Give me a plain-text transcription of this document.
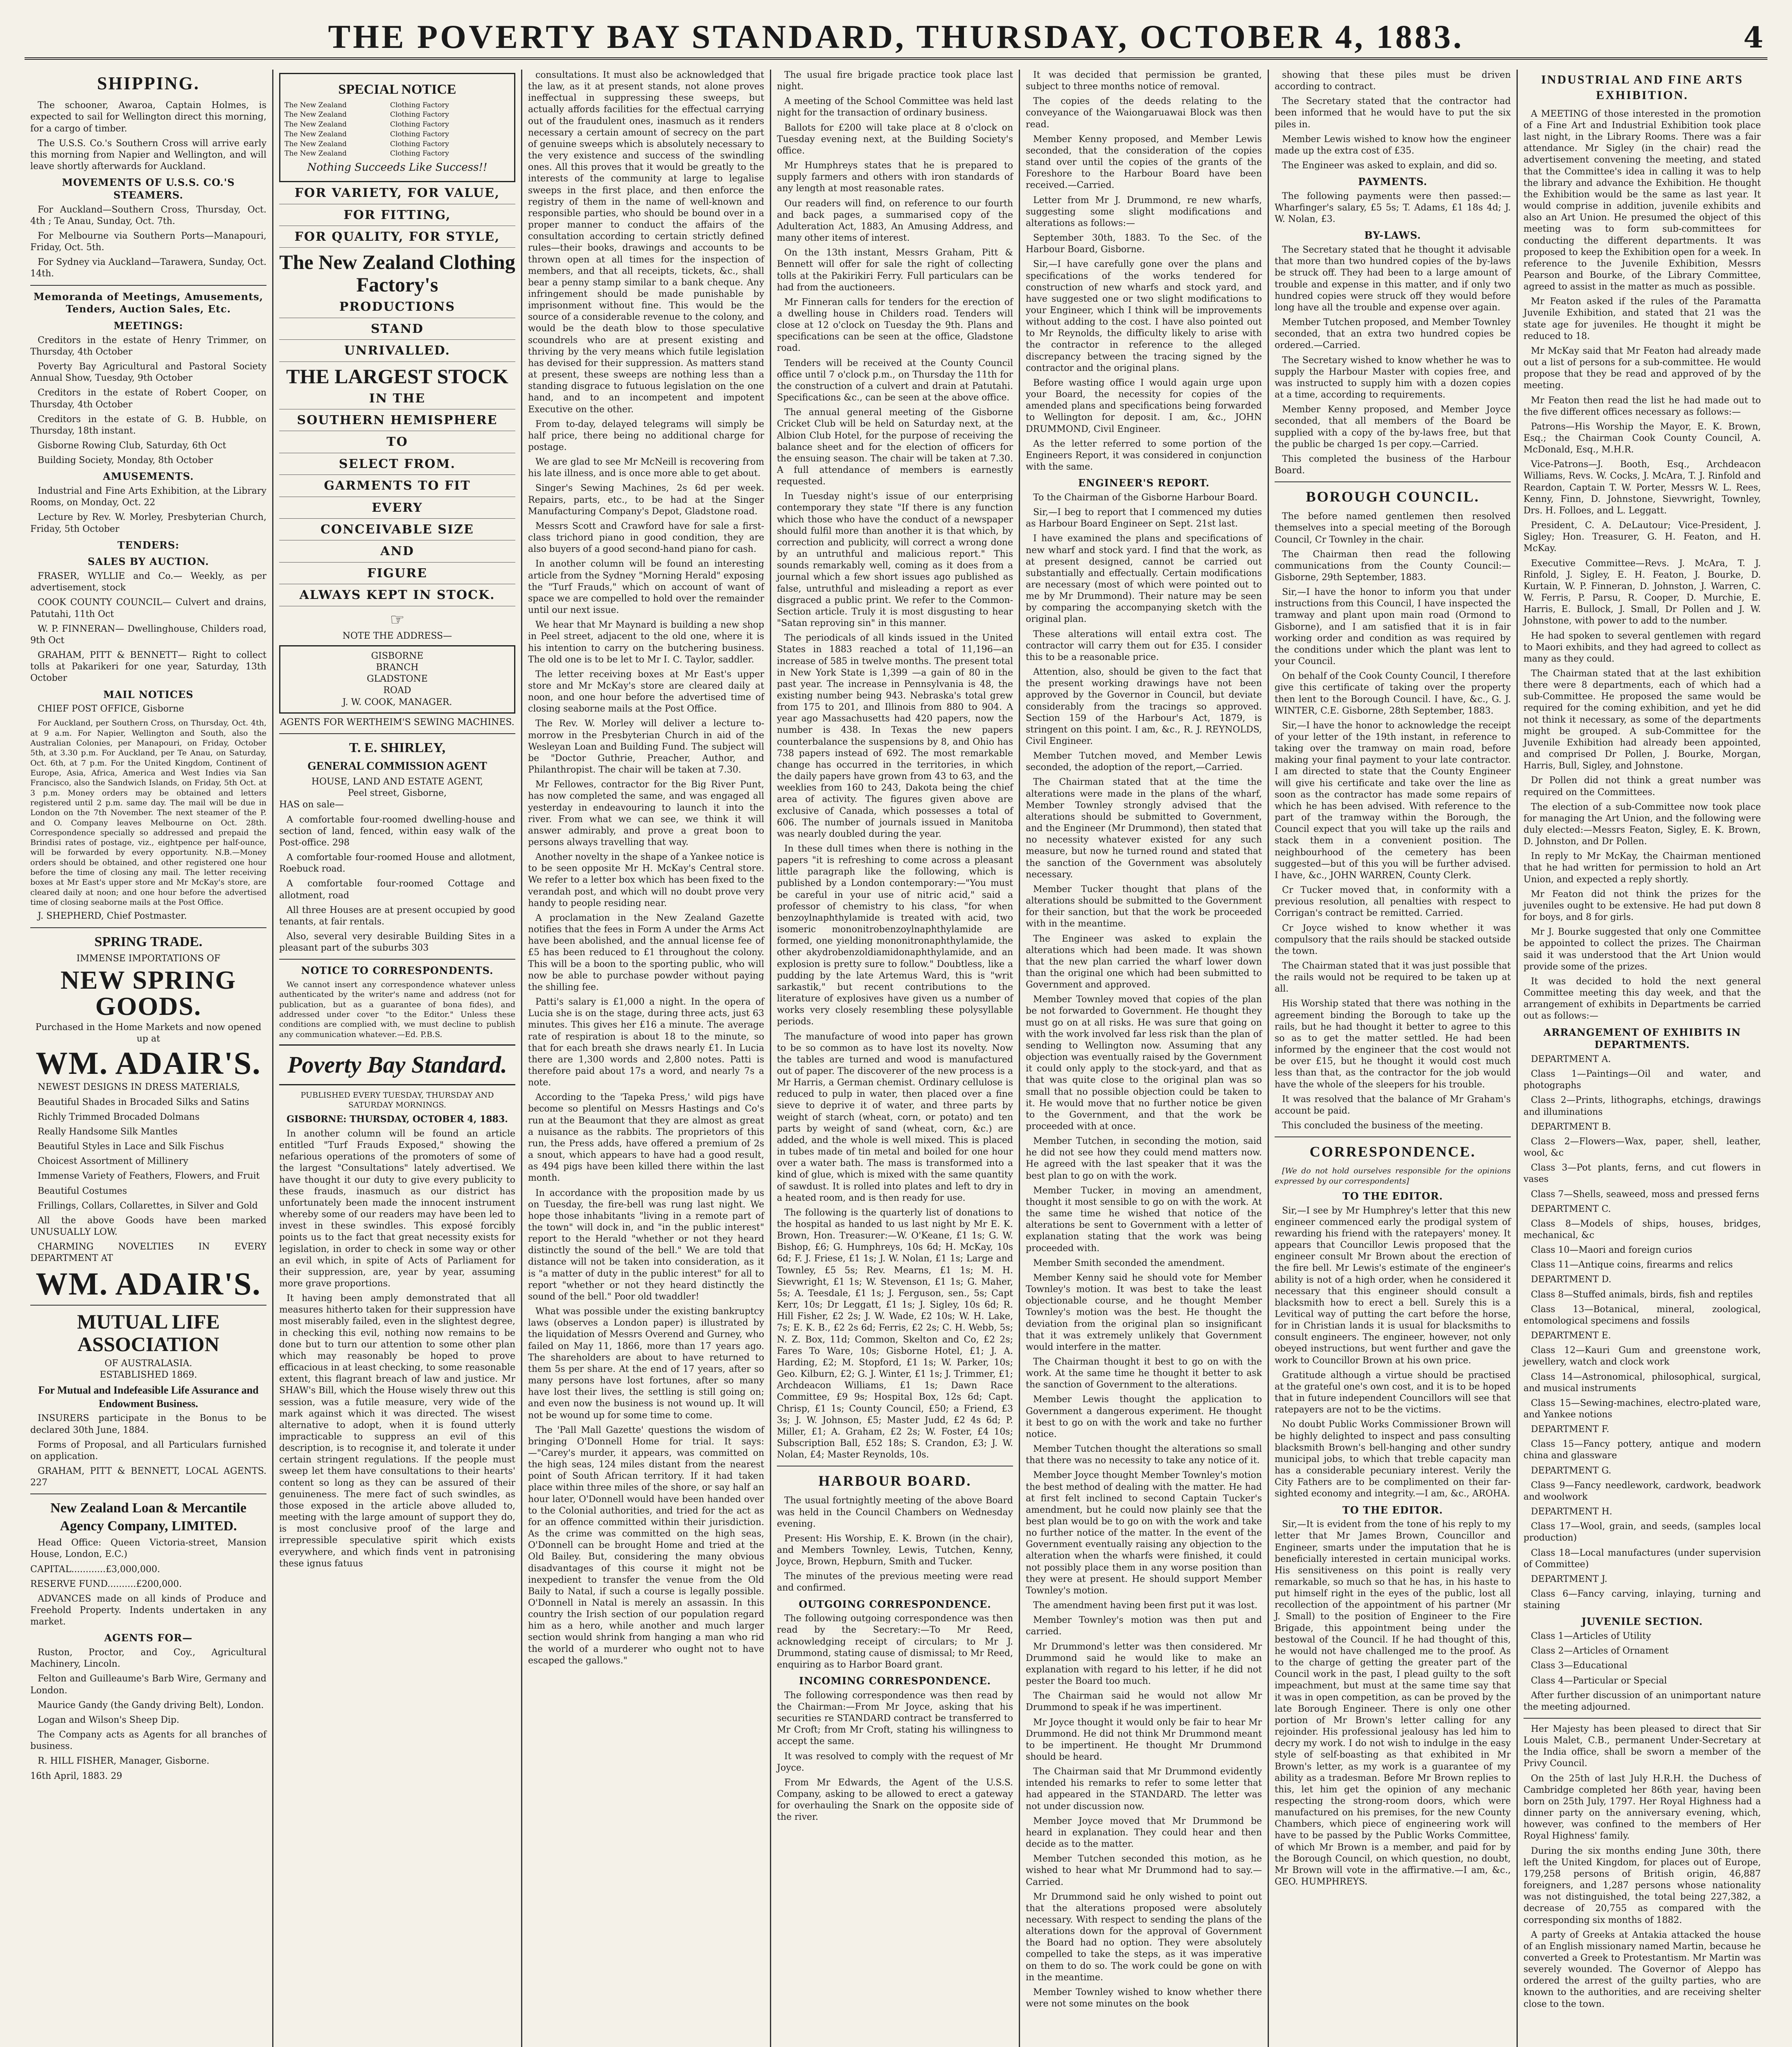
THE POVERTY BAY STANDARD, THURSDAY, OCTOBER 4, 1883.	4
SHIPPING.

The schooner, Awaroa, Captain Holmes, is expected to sail for Wellington direct this morning, for a cargo of timber.

The U.S.S. Co.'s Southern Cross will arrive early this morning from Napier and Wellington, and will leave shortly afterwards for Auckland.

MOVEMENTS OF U.S.S. CO.'S STEAMERS.

For Auckland—Southern Cross, Thursday, Oct. 4th ; Te Anau, Sunday, Oct. 7th.

For Melbourne via Southern Ports—Manapouri, Friday, Oct. 5th.

For Sydney via Auckland—Tarawera, Sunday, Oct. 14th.

Memoranda of Meetings, Amusements, Tenders, Auction Sales, Etc.
MEETINGS:

Creditors in the estate of Henry Trimmer, on Thursday, 4th October

Poverty Bay Agricultural and Pastoral Society Annual Show, Tuesday, 9th October

Creditors in the estate of Robert Cooper, on Thursday, 4th October

Creditors in the estate of G. B. Hubble, on Thursday, 18th instant.

Gisborne Rowing Club, Saturday, 6th Oct

Building Society, Monday, 8th October

AMUSEMENTS.

Industrial and Fine Arts Exhibition, at the Library Rooms, on Monday, Oct. 22

Lecture by Rev. W. Morley, Presbyterian Church, Friday, 5th October

TENDERS:
SALES BY AUCTION.

FRASER, WYLLIE and Co.— Weekly, as per advertisement, stock

COOK COUNTY COUNCIL— Culvert and drains, Patutahi, 11th Oct

W. P. FINNERAN— Dwellinghouse, Childers road, 9th Oct

GRAHAM, PITT & BENNETT— Right to collect tolls at Pakarikeri for one year, Saturday, 13th October

MAIL NOTICES

CHIEF POST OFFICE, Gisborne

For Auckland, per Southern Cross, on Thursday, Oct. 4th, at 9 a.m. For Napier, Wellington and South, also the Australian Colonies, per Manapouri, on Friday, October 5th, at 3.30 p.m. For Auckland, per Te Anau, on Saturday, Oct. 6th, at 7 p.m. For the United Kingdom, Continent of Europe, Asia, Africa, America and West Indies via San Francisco, also the Sandwich Islands, on Friday, 5th Oct. at 3 p.m. Money orders may be obtained and letters registered until 2 p.m. same day. The mail will be due in London on the 7th November. The next steamer of the P. and O. Company leaves Melbourne on Oct. 28th. Correspondence specially so addressed and prepaid the Brindisi rates of postage, viz., eightpence per half-ounce, will be forwarded by every opportunity. N.B.—Money orders should be obtained, and other registered one hour before the time of closing any mail. The letter receiving boxes at Mr East's upper store and Mr McKay's store, are cleared daily at noon; and one hour before the advertised time of closing seaborne mails at the Post Office.

J. SHEPHERD, Chief Postmaster.

SPRING TRADE.
IMMENSE IMPORTATIONS OF
NEW SPRING GOODS.
Purchased in the Home Markets and now opened up at
WM. ADAIR'S.

NEWEST DESIGNS IN DRESS MATERIALS,

Beautiful Shades in Brocaded Silks and Satins

Richly Trimmed Brocaded Dolmans

Really Handsome Silk Mantles

Beautiful Styles in Lace and Silk Fischus

Choicest Assortment of Millinery

Immense Variety of Feathers, Flowers, and Fruit

Beautiful Costumes

Frillings, Collars, Collarettes, in Silver and Gold

All the above Goods have been marked UNUSUALLY LOW.

CHARMING NOVELTIES IN EVERY DEPARTMENT AT

WM. ADAIR'S.
MUTUAL LIFE ASSOCIATION
OF AUSTRALASIA.
ESTABLISHED 1869.
For Mutual and Indefeasible Life Assurance and Endowment Business.

INSURERS participate in the Bonus to be declared 30th June, 1884.

Forms of Proposal, and all Particulars furnished on application.

GRAHAM, PITT & BENNETT, LOCAL AGENTS. 227

New Zealand Loan & Mercantile Agency Company, LIMITED.

Head Office: Queen Victoria-street, Mansion House, London, E.C.)

CAPITAL............£3,000,000.

RESERVE FUND..........£200,000.

ADVANCES made on all kinds of Produce and Freehold Property. Indents undertaken in any market.

AGENTS FOR—

Ruston, Proctor, and Coy., Agricultural Machinery, Lincoln.

Felton and Guilleaume's Barb Wire, Germany and London.

Maurice Gandy (the Gandy driving Belt), London.

Logan and Wilson's Sheep Dip.

The Company acts as Agents for all branches of business.

R. HILL FISHER, Manager, Gisborne.

16th April, 1883. 29

SPECIAL NOTICE
The New Zealand	Clothing Factory
The New Zealand	Clothing Factory
The New Zealand	Clothing Factory
The New Zealand	Clothing Factory
The New Zealand	Clothing Factory
The New Zealand	Clothing Factory
Nothing Succeeds Like Success!!
FOR VARIETY, FOR VALUE,
FOR FITTING,
FOR QUALITY, FOR STYLE,
The New Zealand Clothing Factory's
PRODUCTIONS
STAND
UNRIVALLED.
THE LARGEST STOCK
IN THE
SOUTHERN HEMISPHERE
TO
SELECT FROM.
GARMENTS TO FIT
EVERY
CONCEIVABLE SIZE
AND
FIGURE
ALWAYS KEPT IN STOCK.
☞
NOTE THE ADDRESS—
GISBORNE
BRANCH
GLADSTONE
ROAD
J. W. COOK, MANAGER.
AGENTS FOR WERTHEIM'S SEWING MACHINES.
T. E. SHIRLEY,
GENERAL COMMISSION AGENT
HOUSE, LAND AND ESTATE AGENT,
Peel street, Gisborne,

HAS on sale—

A comfortable four-roomed dwelling-house and section of land, fenced, within easy walk of the Post-office. 298

A comfortable four-roomed House and allotment, Roebuck road.

A comfortable four-roomed Cottage and allotment, road

All three Houses are at present occupied by good tenants, at fair rentals.

Also, several very desirable Building Sites in a pleasant part of the suburbs 303

NOTICE TO CORRESPONDENTS.

We cannot insert any correspondence whatever unless authenticated by the writer's name and address (not for publication, but as a guarantee of bona fides), and addressed under cover "to the Editor." Unless these conditions are complied with, we must decline to publish any communication whatever.—Ed. P.B.S.

Poverty Bay Standard.
PUBLISHED EVERY TUESDAY, THURSDAY AND SATURDAY MORNINGS.
GISBORNE: THURSDAY, OCTOBER 4, 1883.

In another column will be found an article entitled "Turf Frauds Exposed," showing the nefarious operations of the promoters of some of the largest "Consultations" lately advertised. We have thought it our duty to give every publicity to these frauds, inasmuch as our district has unfortunately been made the innocent instrument whereby some of our readers may have been led to invest in these swindles. This exposé forcibly points us to the fact that great necessity exists for legislation, in order to check in some way or other an evil which, in spite of Acts of Parliament for their suppression, are, year by year, assuming more grave proportions.

It having been amply demonstrated that all measures hitherto taken for their suppression have most miserably failed, even in the slightest degree, in checking this evil, nothing now remains to be done but to turn our attention to some other plan which may reasonably be hoped to prove efficacious in at least checking, to some reasonable extent, this flagrant breach of law and justice. Mr SHAW's Bill, which the House wisely threw out this session, was a futile measure, very wide of the mark against which it was directed. The wisest alternative to adopt, when it is found utterly impracticable to suppress an evil of this description, is to recognise it, and tolerate it under certain stringent regulations. If the people must sweep let them have consultations to their hearts' content so long as they can be assured of their genuineness. The mere fact of such swindles, as those exposed in the article above alluded to, meeting with the large amount of support they do, is most conclusive proof of the large and irrepressible speculative spirit which exists everywhere, and which finds vent in patronising these ignus fatuus

consultations. It must also be acknowledged that the law, as it at present stands, not alone proves ineffectual in suppressing these sweeps, but actually affords facilities for the effectual carrying out of the fraudulent ones, inasmuch as it renders necessary a certain amount of secrecy on the part of genuine sweeps which is absolutely necessary to the very existence and success of the swindling ones. All this proves that it would be greatly to the interests of the community at large to legalise sweeps in the first place, and then enforce the registry of them in the name of well-known and responsible parties, who should be bound over in a proper manner to conduct the affairs of the consultation according to certain strictly defined rules—their books, drawings and accounts to be thrown open at all times for the inspection of members, and that all receipts, tickets, &c., shall bear a penny stamp similar to a bank cheque. Any infringement should be made punishable by imprisonment without fine. This would be the source of a considerable revenue to the colony, and would be the death blow to those speculative scoundrels who are at present existing and thriving by the very means which futile legislation has devised for their suppression. As matters stand at present, these sweeps are nothing less than a standing disgrace to futuous legislation on the one hand, and to an incompetent and impotent Executive on the other.

From to-day, delayed telegrams will simply be half price, there being no additional charge for postage.

We are glad to see Mr McNeill is recovering from his late illness, and is once more able to get about.

Singer's Sewing Machines, 2s 6d per week. Repairs, parts, etc., to be had at the Singer Manufacturing Company's Depot, Gladstone road.

Messrs Scott and Crawford have for sale a first-class trichord piano in good condition, they are also buyers of a good second-hand piano for cash.

In another column will be found an interesting article from the Sydney "Morning Herald" exposing the "Turf Frauds," which on account of want of space we are compelled to hold over the remainder until our next issue.

We hear that Mr Maynard is building a new shop in Peel street, adjacent to the old one, where it is his intention to carry on the butchering business. The old one is to be let to Mr I. C. Taylor, saddler.

The letter receiving boxes at Mr East's upper store and Mr McKay's store are cleared daily at noon, and one hour before the advertised time of closing seaborne mails at the Post Office.

The Rev. W. Morley will deliver a lecture to-morrow in the Presbyterian Church in aid of the Wesleyan Loan and Building Fund. The subject will be "Doctor Guthrie, Preacher, Author, and Philanthropist. The chair will be taken at 7.30.

Mr Fellowes, contractor for the Big River Punt, has now completed the same, and was engaged all yesterday in endeavouring to launch it into the river. From what we can see, we think it will answer admirably, and prove a great boon to persons always travelling that way.

Another novelty in the shape of a Yankee notice is to be seen opposite Mr H. McKay's Central store. We refer to a letter box which has been fixed to the verandah post, and which will no doubt prove very handy to people residing near.

A proclamation in the New Zealand Gazette notifies that the fees in Form A under the Arms Act have been abolished, and the annual license fee of £5 has been reduced to £1 throughout the colony. This will be a boon to the sporting public, who will now be able to purchase powder without paying the shilling fee.

Patti's salary is £1,000 a night. In the opera of Lucia she is on the stage, during three acts, just 63 minutes. This gives her £16 a minute. The average rate of respiration is about 18 to the minute, so that for each breath she draws nearly £1. In Lucia there are 1,300 words and 2,800 notes. Patti is therefore paid about 17s a word, and nearly 7s a note.

According to the 'Tapeka Press,' wild pigs have become so plentiful on Messrs Hastings and Co's run at the Beaumont that they are almost as great a nuisance as the rabbits. The proprietors of this run, the Press adds, have offered a premium of 2s a snout, which appears to have had a good result, as 494 pigs have been killed there within the last month.

In accordance with the proposition made by us on Tuesday, the fire-bell was rung last night. We hope those inhabitants "living in a remote part of the town" will dock in, and "in the public interest" report to the Herald "whether or not they heard distinctly the sound of the bell." We are told that distance will not be taken into consideration, as it is "a matter of duty in the public interest" for all to report "whether or not they heard distinctly the sound of the bell." Poor old twaddler!

What was possible under the existing bankruptcy laws (observes a London paper) is illustrated by the liquidation of Messrs Overend and Gurney, who failed on May 11, 1866, more than 17 years ago. The shareholders are about to have returned to them 5s per share. At the end of 17 years, after so many persons have lost fortunes, after so many have lost their lives, the settling is still going on; and even now the business is not wound up. It will not be wound up for some time to come.

The 'Pall Mall Gazette' questions the wisdom of bringing O'Donnell Home for trial. It says:—"Carey's murder, it appears, was committed on the high seas, 124 miles distant from the nearest point of South African territory. If it had taken place within three miles of the shore, or say half an hour later, O'Donnell would have been handed over to the Colonial authorities, and tried for the act as for an offence committed within their jurisdiction. As the crime was committed on the high seas, O'Donnell can be brought Home and tried at the Old Bailey. But, considering the many obvious disadvantages of this course it might not be inexpedient to transfer the venue from the Old Baily to Natal, if such a course is legally possible. O'Donnell in Natal is merely an assassin. In this country the Irish section of our population regard him as a hero, while another and much larger section would shrink from hanging a man who rid the world of a murderer who ought not to have escaped the gallows."

The usual fire brigade practice took place last night.

A meeting of the School Committee was held last night for the transaction of ordinary business.

Ballots for £200 will take place at 8 o'clock on Tuesday evening next, at the Building Society's office.

Mr Humphreys states that he is prepared to supply farmers and others with iron standards of any length at most reasonable rates.

Our readers will find, on reference to our fourth and back pages, a summarised copy of the Adulteration Act, 1883, An Amusing Address, and many other items of interest.

On the 13th instant, Messrs Graham, Pitt & Bennett will offer for sale the right of collecting tolls at the Pakirikiri Ferry. Full particulars can be had from the auctioneers.

Mr Finneran calls for tenders for the erection of a dwelling house in Childers road. Tenders will close at 12 o'clock on Tuesday the 9th. Plans and specifications can be seen at the office, Gladstone road.

Tenders will be received at the County Council office until 7 o'clock p.m., on Thursday the 11th for the construction of a culvert and drain at Patutahi. Specifications &c., can be seen at the above office.

The annual general meeting of the Gisborne Cricket Club will be held on Saturday next, at the Albion Club Hotel, for the purpose of receiving the balance sheet and for the election of officers for the ensuing season. The chair will be taken at 7.30. A full attendance of members is earnestly requested.

In Tuesday night's issue of our enterprising contemporary they state "If there is any function which those who have the conduct of a newspaper should fulfil more than another it is that which, by correction and publicity, will correct a wrong done by an untruthful and malicious report." This sounds remarkably well, coming as it does from a journal which a few short issues ago published as false, untruthful and misleading a report as ever disgraced a public print. We refer to the Common-Section article. Truly it is most disgusting to hear "Satan reproving sin" in this manner.

The periodicals of all kinds issued in the United States in 1883 reached a total of 11,196—an increase of 585 in twelve months. The present total in New York State is 1,399 —a gain of 80 in the past year. The increase in Pennsylvania is 48, the existing number being 943. Nebraska's total grew from 175 to 201, and Illinois from 880 to 904. A year ago Massachusetts had 420 papers, now the number is 438. In Texas the new papers counterbalance the suspensions by 8, and Ohio has 738 papers instead of 692. The most remarkable change has occurred in the territories, in which the daily papers have grown from 43 to 63, and the weeklies from 160 to 243, Dakota being the chief area of activity. The figures given above are exclusive of Canada, which possesses a total of 606. The number of journals issued in Manitoba was nearly doubled during the year.

In these dull times when there is nothing in the papers "it is refreshing to come across a pleasant little paragraph like the following, which is published by a London contemporary:—"You must be careful in your use of nitric acid," said a professor of chemistry to his class, "for when benzoylnaphthylamide is treated with acid, two isomeric mononitrobenzoylnaphthylamide are formed, one yielding mononitronaphthylamide, the other akydrobenzoldiamidonaphthylamide, and an explosion is pretty sure to follow." Doubtless, like a pudding by the late Artemus Ward, this is "writ sarkastik," but recent contributions to the literature of explosives have given us a number of works very closely resembling these polysyllable periods.

The manufacture of wood into paper has grown to be so common as to have lost its novelty. Now the tables are turned and wood is manufactured out of paper. The discoverer of the new process is a Mr Harris, a German chemist. Ordinary cellulose is reduced to pulp in water, then placed over a fine sieve to deprive it of water, and three parts by weight of starch (wheat, corn, or potato) and ten parts by weight of sand (wheat, corn, &c.) are added, and the whole is well mixed. This is placed in tubes made of tin metal and boiled for one hour over a water bath. The mass is transformed into a kind of glue, which is mixed with the same quantity of sawdust. It is rolled into plates and left to dry in a heated room, and is then ready for use.

The following is the quarterly list of donations to the hospital as handed to us last night by Mr E. K. Brown, Hon. Treasurer:—W. O'Keane, £1 1s; G. W. Bishop, £6; G. Humphreys, 10s 6d; H. McKay, 10s 6d; F. J. Friese, £1 1s; J. W. Nolan, £1 1s; Large and Townley, £5 5s; Rev. Mearns, £1 1s; M. H. Sievwright, £1 1s; W. Stevenson, £1 1s; G. Maher, 5s; A. Teesdale, £1 1s; J. Ferguson, sen., 5s; Capt Kerr, 10s; Dr Leggatt, £1 1s; J. Sigley, 10s 6d; R. Hill Fisher, £2 2s; J. W. Wade, £2 10s; W. H. Lake, 7s; E. K. B., £2 2s 6d; Ferris, £2 2s; C. H. Webb, 5s; N. Z. Box, 11d; Common, Skelton and Co, £2 2s; Fares To Ware, 10s; Gisborne Hotel, £1; J. A. Harding, £2; M. Stopford, £1 1s; W. Parker, 10s; Geo. Kilburn, £2; G. J. Winter, £1 1s; J. Trimmer, £1; Archdeacon Williams, £1 1s; Dawn Race Committee, £9 9s; Hospital Box, 12s 6d; Capt. Chrisp, £1 1s; County Council, £50; a Friend, £3 3s; J. W. Johnson, £5; Master Judd, £2 4s 6d; P. Miller, £1; A. Graham, £2 2s; W. Foster, £4 10s; Subscription Ball, £52 18s; S. Crandon, £3; J. W. Nolan, £4; Master Reynolds, 10s.

HARBOUR BOARD.

The usual fortnightly meeting of the above Board was held in the Council Chambers on Wednesday evening.

Present: His Worship, E. K. Brown (in the chair), and Members Townley, Lewis, Tutchen, Kenny, Joyce, Brown, Hepburn, Smith and Tucker.

The minutes of the previous meeting were read and confirmed.

OUTGOING CORRESPONDENCE.

The following outgoing correspondence was then read by the Secretary:—To Mr Reed, acknowledging receipt of circulars; to Mr J. Drummond, stating cause of dismissal; to Mr Reed, enquiring as to Harbor Board grant.

INCOMING CORRESPONDENCE.

The following correspondence was then read by the Chairman:—From Mr Joyce, asking that his securities re STANDARD contract be transferred to Mr Croft; from Mr Croft, stating his willingness to accept the same.

It was resolved to comply with the request of Mr Joyce.

From Mr Edwards, the Agent of the U.S.S. Company, asking to be allowed to erect a gateway for overhauling the Snark on the opposite side of the river.

It was decided that permission be granted, subject to three months notice of removal.

The copies of the deeds relating to the conveyance of the Waiongaruawai Block was then read.

Member Kenny proposed, and Member Lewis seconded, that the consideration of the copies stand over until the copies of the grants of the Foreshore to the Harbour Board have been received.—Carried.

Letter from Mr J. Drummond, re new wharfs, suggesting some slight modifications and alterations as follows:—

September 30th, 1883. To the Sec. of the Harbour Board, Gisborne.

Sir,—I have carefully gone over the plans and specifications of the works tendered for construction of new wharfs and stock yard, and have suggested one or two slight modifications to your Engineer, which I think will be improvements without adding to the cost. I have also pointed out to Mr Reynolds, the difficulty likely to arise with the contractor in reference to the alleged discrepancy between the tracing signed by the contractor and the original plans.

Before wasting office I would again urge upon your Board, the necessity for copies of the amended plans and specifications being forwarded to Wellington for deposit. I am, &c., JOHN DRUMMOND, Civil Engineer.

As the letter referred to some portion of the Engineers Report, it was considered in conjunction with the same.

ENGINEER'S REPORT.

To the Chairman of the Gisborne Harbour Board.

Sir,—I beg to report that I commenced my duties as Harbour Board Engineer on Sept. 21st last.

I have examined the plans and specifications of new wharf and stock yard. I find that the work, as at present designed, cannot be carried out substantially and effectually. Certain modifications are necessary (most of which were pointed out to me by Mr Drummond). Their nature may be seen by comparing the accompanying sketch with the original plan.

These alterations will entail extra cost. The contractor will carry them out for £35. I consider this to be a reasonable price.

Attention, also, should be given to the fact that the present working drawings have not been approved by the Governor in Council, but deviate considerably from the tracings so approved. Section 159 of the Harbour's Act, 1879, is stringent on this point. I am, &c., R. J. REYNOLDS, Civil Engineer.

Member Tutchen moved, and Member Lewis seconded, the adoption of the report,—Carried.

The Chairman stated that at the time the alterations were made in the plans of the wharf, Member Townley strongly advised that the alterations should be submitted to Government, and the Engineer (Mr Drummond), then stated that no necessity whatever existed for any such measure, but now he turned round and stated that the sanction of the Government was absolutely necessary.

Member Tucker thought that plans of the alterations should be submitted to the Government for their sanction, but that the work be proceeded with in the meantime.

The Engineer was asked to explain the alterations which had been made. It was shown that the new plan carried the wharf lower down than the original one which had been submitted to Government and approved.

Member Townley moved that copies of the plan be not forwarded to Government. He thought they must go on at all risks. He was sure that going on with the work involved far less risk than the plan of sending to Wellington now. Assuming that any objection was eventually raised by the Government it could only apply to the stock-yard, and that as that was quite close to the original plan was so small that no possible objection could be taken to it. He would move that no further notice be given to the Government, and that the work be proceeded with at once.

Member Tutchen, in seconding the motion, said he did not see how they could mend matters now. He agreed with the last speaker that it was the best plan to go on with the work.

Member Tucker, in moving an amendment, thought it most sensible to go on with the work. At the same time he wished that notice of the alterations be sent to Government with a letter of explanation stating that the work was being proceeded with.

Member Smith seconded the amendment.

Member Kenny said he should vote for Member Townley's motion. It was best to take the least objectionable course, and he thought Member Townley's motion was the best. He thought the deviation from the original plan so insignificant that it was extremely unlikely that Government would interfere in the matter.

The Chairman thought it best to go on with the work. At the same time he thought it better to ask the sanction of Government to the alterations.

Member Lewis thought the application to Government a dangerous experiment. He thought it best to go on with the work and take no further notice.

Member Tutchen thought the alterations so small that there was no necessity to take any notice of it.

Member Joyce thought Member Townley's motion the best method of dealing with the matter. He had at first felt inclined to second Captain Tucker's amendment, but he could now plainly see that the best plan would be to go on with the work and take no further notice of the matter. In the event of the Government eventually raising any objection to the alteration when the wharfs were finished, it could not possibly place them in any worse position than they were at present. He should support Member Townley's motion.

The amendment having been first put it was lost.

Member Townley's motion was then put and carried.

Mr Drummond's letter was then considered. Mr Drummond said he would like to make an explanation with regard to his letter, if he did not pester the Board too much.

The Chairman said he would not allow Mr Drummond to speak if he was impertinent.

Mr Joyce thought it would only be fair to hear Mr Drummond. He did not think Mr Drummond meant to be impertinent. He thought Mr Drummond should be heard.

The Chairman said that Mr Drummond evidently intended his remarks to refer to some letter that had appeared in the STANDARD. The letter was not under discussion now.

Member Joyce moved that Mr Drummond be heard in explanation. They could hear and then decide as to the matter.

Member Tutchen seconded this motion, as he wished to hear what Mr Drummond had to say.—Carried.

Mr Drummond said he only wished to point out that the alterations proposed were absolutely necessary. With respect to sending the plans of the alterations down for the approval of Government the Board had no option. They were absolutely compelled to take the steps, as it was imperative on them to do so. The work could be gone on with in the meantime.

Member Townley wished to know whether there were not some minutes on the book

showing that these piles must be driven according to contract.

The Secretary stated that the contractor had been informed that he would have to put the six piles in.

Member Lewis wished to know how the engineer made up the extra cost of £35.

The Engineer was asked to explain, and did so.

PAYMENTS.

The following payments were then passed:—Wharfinger's salary, £5 5s; T. Adams, £1 18s 4d; J. W. Nolan, £3.

BY-LAWS.

The Secretary stated that he thought it advisable that more than two hundred copies of the by-laws be struck off. They had been to a large amount of trouble and expense in this matter, and if only two hundred copies were struck off they would before long have all the trouble and expense over again.

Member Tutchen proposed, and Member Townley seconded, that an extra two hundred copies be ordered.—Carried.

The Secretary wished to know whether he was to supply the Harbour Master with copies free, and was instructed to supply him with a dozen copies at a time, according to requirements.

Member Kenny proposed, and Member Joyce seconded, that all members of the Board be supplied with a copy of the by-laws free, but that the public be charged 1s per copy.—Carried.

This completed the business of the Harbour Board.

BOROUGH COUNCIL.

The before named gentlemen then resolved themselves into a special meeting of the Borough Council, Cr Townley in the chair.

The Chairman then read the following communications from the County Council:— Gisborne, 29th September, 1883.

Sir,—I have the honor to inform you that under instructions from this Council, I have inspected the tramway and plant upon main road (Ormond to Gisborne), and I am satisfied that it is in fair working order and condition as was required by the conditions under which the plant was lent to your Council.

On behalf of the Cook County Council, I therefore give this certificate of taking over the property then lent to the Borough Council. I have, &c., G. J. WINTER, C.E. Gisborne, 28th September, 1883.

Sir,—I have the honor to acknowledge the receipt of your letter of the 19th instant, in reference to taking over the tramway on main road, before making your final payment to your late contractor. I am directed to state that the County Engineer will give his certificate and take over the line as soon as the contractor has made some repairs of which he has been advised. With reference to the part of the tramway within the Borough, the Council expect that you will take up the rails and stack them in a convenient position. The neighbourhood of the cemetery has been suggested—but of this you will be further advised. I have, &c., JOHN WARREN, County Clerk.

Cr Tucker moved that, in conformity with a previous resolution, all penalties with respect to Corrigan's contract be remitted. Carried.

Cr Joyce wished to know whether it was compulsory that the rails should be stacked outside the town.

The Chairman stated that it was just possible that the rails would not be required to be taken up at all.

His Worship stated that there was nothing in the agreement binding the Borough to take up the rails, but he had thought it better to agree to this so as to get the matter settled. He had been informed by the engineer that the cost would not be over £15, but he thought it would cost much less than that, as the contractor for the job would have the whole of the sleepers for his trouble.

It was resolved that the balance of Mr Graham's account be paid.

This concluded the business of the meeting.

CORRESPONDENCE.

[We do not hold ourselves responsible for the opinions expressed by our correspondents]

TO THE EDITOR.

Sir,—I see by Mr Humphrey's letter that this new engineer commenced early the prodigal system of rewarding his friend with the ratepayers' money. It appears that Councillor Lewis proposed that the engineer consult Mr Brown about the erection of the fire bell. Mr Lewis's estimate of the engineer's ability is not of a high order, when he considered it necessary that this engineer should consult a blacksmith how to erect a bell. Surely this is a Levitical way of putting the cart before the horse, for in Christian lands it is usual for blacksmiths to consult engineers. The engineer, however, not only obeyed instructions, but went further and gave the work to Councillor Brown at his own price.

Gratitude although a virtue should be practised at the grateful one's own cost, and it is to be hoped that in future independent Councillors will see that ratepayers are not to be the victims.

No doubt Public Works Commissioner Brown will be highly delighted to inspect and pass consulting blacksmith Brown's bell-hanging and other sundry municipal jobs, to which that treble capacity man has a considerable pecuniary interest. Verily the City Fathers are to be complimented on their far-sighted economy and integrity.—I am, &c., AROHA.

TO THE EDITOR.

Sir,—It is evident from the tone of his reply to my letter that Mr James Brown, Councillor and Engineer, smarts under the imputation that he is beneficially interested in certain municipal works. His sensitiveness on this point is really very remarkable, so much so that he has, in his haste to put himself right in the eyes of the public, lost all recollection of the appointment of his partner (Mr J. Small) to the position of Engineer to the Fire Brigade, this appointment being under the bestowal of the Council. If he had thought of this, he would not have challenged me to the proof. As to the charge of getting the greater part of the Council work in the past, I plead guilty to the soft impeachment, but must at the same time say that it was in open competition, as can be proved by the late Borough Engineer. There is only one other portion of Mr Brown's letter calling for any rejoinder. His professional jealousy has led him to decry my work. I do not wish to indulge in the easy style of self-boasting as that exhibited in Mr Brown's letter, as my work is a guarantee of my ability as a tradesman. Before Mr Brown replies to this, let him get the opinion of any mechanic respecting the strong-room doors, which were manufactured on his premises, for the new County Chambers, which piece of engineering work will have to be passed by the Public Works Committee, of which Mr Brown is a member, and paid for by the Borough Council, on which question, no doubt, Mr Brown will vote in the affirmative.—I am, &c., GEO. HUMPHREYS.

INDUSTRIAL AND FINE ARTS EXHIBITION.

A MEETING of those interested in the promotion of a Fine Art and Industrial Exhibition took place last night, in the Library Rooms. There was a fair attendance. Mr Sigley (in the chair) read the advertisement convening the meeting, and stated that the Committee's idea in calling it was to help the library and advance the Exhibition. He thought the Exhibition would be the same as last year. It would comprise in addition, juvenile exhibits and also an Art Union. He presumed the object of this meeting was to form sub-committees for conducting the different departments. It was proposed to keep the Exhibition open for a week. In reference to the Juvenile Exhibition, Messrs Pearson and Bourke, of the Library Committee, agreed to assist in the matter as much as possible.

Mr Featon asked if the rules of the Paramatta Juvenile Exhibition, and stated that 21 was the state age for juveniles. He thought it might be reduced to 18.

Mr McKay said that Mr Featon had already made out a list of persons for a sub-committee. He would propose that they be read and approved of by the meeting.

Mr Featon then read the list he had made out to the five different offices necessary as follows:—

Patrons—His Worship the Mayor, E. K. Brown, Esq.; the Chairman Cook County Council, A. McDonald, Esq., M.H.R.

Vice-Patrons—J. Booth, Esq., Archdeacon Williams, Revs. W. Cocks, J. McAra, T. J. Rinfold and Reardon, Captain T. W. Porter, Messrs W. L. Rees, Kenny, Finn, D. Johnstone, Sievwright, Townley, Drs. H. Folloes, and L. Leggatt.

President, C. A. DeLautour; Vice-President, J. Sigley; Hon. Treasurer, G. H. Featon, and H. McKay.

Executive Committee—Revs. J. McAra, T. J. Rinfold, J. Sigley, E. H. Featon, J. Bourke, D. Kurtain, W. P. Finneran, D. Johnston, J. Warren, C. W. Ferris, P. Parsu, R. Cooper, D. Murchie, E. Harris, E. Bullock, J. Small, Dr Pollen and J. W. Johnstone, with power to add to the number.

He had spoken to several gentlemen with regard to Maori exhibits, and they had agreed to collect as many as they could.

The Chairman stated that at the last exhibition there were 8 departments, each of which had a sub-Committee. He proposed the same would be required for the coming exhibition, and yet he did not think it necessary, as some of the departments might be grouped. A sub-Committee for the Juvenile Exhibition had already been appointed, and comprised Dr Pollen, J. Bourke, Morgan, Harris, Bull, Sigley, and Johnstone.

Dr Pollen did not think a great number was required on the Committees.

The election of a sub-Committee now took place for managing the Art Union, and the following were duly elected:—Messrs Featon, Sigley, E. K. Brown, D. Johnston, and Dr Pollen.

In reply to Mr McKay, the Chairman mentioned that he had written for permission to hold an Art Union, and expected a reply shortly.

Mr Featon did not think the prizes for the juveniles ought to be extensive. He had put down 8 for boys, and 8 for girls.

Mr J. Bourke suggested that only one Committee be appointed to collect the prizes. The Chairman said it was understood that the Art Union would provide some of the prizes.

It was decided to hold the next general Committee meeting this day week, and that the arrangement of exhibits in Departments be carried out as follows:—

ARRANGEMENT OF EXHIBITS IN DEPARTMENTS.

DEPARTMENT A.

Class 1—Paintings—Oil and water, and photographs

Class 2—Prints, lithographs, etchings, drawings and illuminations

DEPARTMENT B.

Class 2—Flowers—Wax, paper, shell, leather, wool, &c

Class 3—Pot plants, ferns, and cut flowers in vases

Class 7—Shells, seaweed, moss and pressed ferns

DEPARTMENT C.

Class 8—Models of ships, houses, bridges, mechanical, &c

Class 10—Maori and foreign curios

Class 11—Antique coins, firearms and relics

DEPARTMENT D.

Class 8—Stuffed animals, birds, fish and reptiles

Class 13—Botanical, mineral, zoological, entomological specimens and fossils

DEPARTMENT E.

Class 12—Kauri Gum and greenstone work, jewellery, watch and clock work

Class 14—Astronomical, philosophical, surgical, and musical instruments

Class 15—Sewing-machines, electro-plated ware, and Yankee notions

DEPARTMENT F.

Class 15—Fancy pottery, antique and modern china and glassware

DEPARTMENT G.

Class 9—Fancy needlework, cardwork, beadwork and woolwork

DEPARTMENT H.

Class 17—Wool, grain, and seeds, (samples local production)

Class 18—Local manufactures (under supervision of Committee)

DEPARTMENT J.

Class 6—Fancy carving, inlaying, turning and staining

JUVENILE SECTION.

Class 1—Articles of Utility

Class 2—Articles of Ornament

Class 3—Educational

Class 4—Particular or Special

After further discussion of an unimportant nature the meeting adjourned.

Her Majesty has been pleased to direct that Sir Louis Malet, C.B., permanent Under-Secretary at the India office, shall be sworn a member of the Privy Council.

On the 25th of last July H.R.H. the Duchess of Cambridge completed her 86th year, having been born on 25th July, 1797. Her Royal Highness had a dinner party on the anniversary evening, which, however, was confined to the members of Her Royal Highness' family.

During the six months ending June 30th, there left the United Kingdom, for places out of Europe, 179,258 persons of British origin, 46,887 foreigners, and 1,287 persons whose nationality was not distinguished, the total being 227,382, a decrease of 20,755 as compared with the corresponding six months of 1882.

A party of Greeks at Antakia attacked the house of an English missionary named Martin, because he converted a Greek to Protestantism. Mr Martin was severely wounded. The Governor of Aleppo has ordered the arrest of the guilty parties, who are known to the authorities, and are receiving shelter close to the town.
